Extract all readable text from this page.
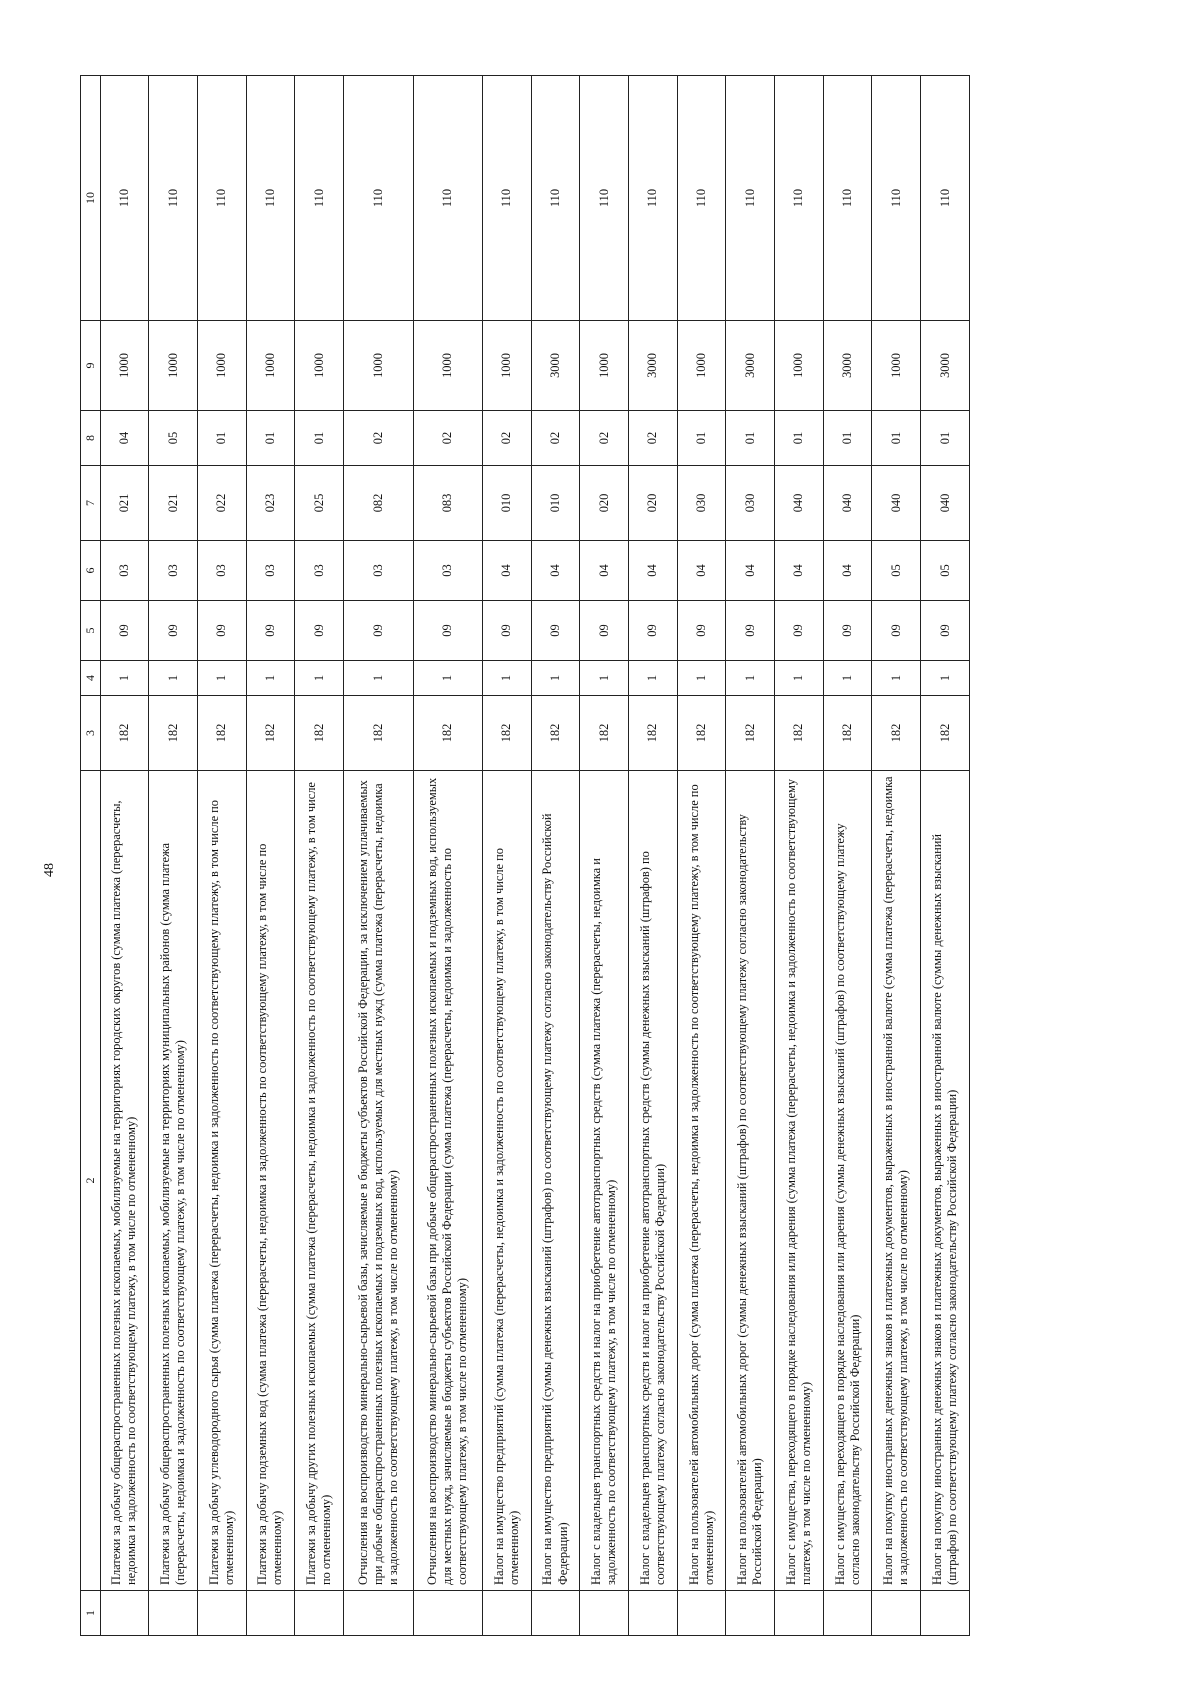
48
1	2	3	4	5	6	7	8	9	10
	Платежи за добычу общераспространенных полезных ископаемых, мобилизуемые на территориях городских округов (сумма платежа (перерасчеты, недоимка и задолженность по соответствующему платежу, в том числе по отмененному)	182	1	09	03	021	04	1000	110
	Платежи за добычу общераспространенных полезных ископаемых, мобилизуемые на территориях муниципальных районов (сумма платежа (перерасчеты, недоимка и задолженность по соответствующему платежу, в том числе по отмененному)	182	1	09	03	021	05	1000	110
	Платежи за добычу углеводородного сырья (сумма платежа (перерасчеты, недоимка и задолженность по соответствующему платежу, в том числе по отмененному)	182	1	09	03	022	01	1000	110
	Платежи за добычу подземных вод (сумма платежа (перерасчеты, недоимка и задолженность по соответствующему платежу, в том числе по отмененному)	182	1	09	03	023	01	1000	110
	Платежи за добычу других полезных ископаемых (сумма платежа (перерасчеты, недоимка и задолженность по соответствующему платежу, в том числе по отмененному)	182	1	09	03	025	01	1000	110
	Отчисления на воспроизводство минерально-сырьевой базы, зачисляемые в бюджеты субъектов Российской Федерации, за исключением уплачиваемых при добыче общераспространенных полезных ископаемых и подземных вод, используемых для местных нужд (сумма платежа (перерасчеты, недоимка и задолженность по соответствующему платежу, в том числе по отмененному)	182	1	09	03	082	02	1000	110
	Отчисления на воспроизводство минерально-сырьевой базы при добыче общераспространенных полезных ископаемых и подземных вод, используемых для местных нужд, зачисляемые в бюджеты субъектов Российской Федерации (сумма платежа (перерасчеты, недоимка и задолженность по соответствующему платежу, в том числе по отмененному)	182	1	09	03	083	02	1000	110
	Налог на имущество предприятий (сумма платежа (перерасчеты, недоимка и задолженность по соответствующему платежу, в том числе по отмененному)	182	1	09	04	010	02	1000	110
	Налог на имущество предприятий (суммы денежных взысканий (штрафов) по соответствующему платежу согласно законодательству Российской Федерации)	182	1	09	04	010	02	3000	110
	Налог с владельцев транспортных средств и налог на приобретение автотранспортных средств (сумма платежа (перерасчеты, недоимка и задолженность по соответствующему платежу, в том числе по отмененному)	182	1	09	04	020	02	1000	110
	Налог с владельцев транспортных средств и налог на приобретение автотранспортных средств (суммы денежных взысканий (штрафов) по соответствующему платежу согласно законодательству Российской Федерации)	182	1	09	04	020	02	3000	110
	Налог на пользователей автомобильных дорог (сумма платежа (перерасчеты, недоимка и задолженность по соответствующему платежу, в том числе по отмененному)	182	1	09	04	030	01	1000	110
	Налог на пользователей автомобильных дорог (суммы денежных взысканий (штрафов) по соответствующему платежу согласно законодательству Российской Федерации)	182	1	09	04	030	01	3000	110
	Налог с имущества, переходящего в порядке наследования или дарения (сумма платежа (перерасчеты, недоимка и задолженность по соответствующему платежу, в том числе по отмененному)	182	1	09	04	040	01	1000	110
	Налог с имущества, переходящего в порядке наследования или дарения (суммы денежных взысканий (штрафов) по соответствующему платежу согласно законодательству Российской Федерации)	182	1	09	04	040	01	3000	110
	Налог на покупку иностранных денежных знаков и платежных документов, выраженных в иностранной валюте (сумма платежа (перерасчеты, недоимка и задолженность по соответствующему платежу, в том числе по отмененному)	182	1	09	05	040	01	1000	110
	Налог на покупку иностранных денежных знаков и платежных документов, выраженных в иностранной валюте (суммы денежных взысканий (штрафов) по соответствующему платежу согласно законодательству Российской Федерации)	182	1	09	05	040	01	3000	110
